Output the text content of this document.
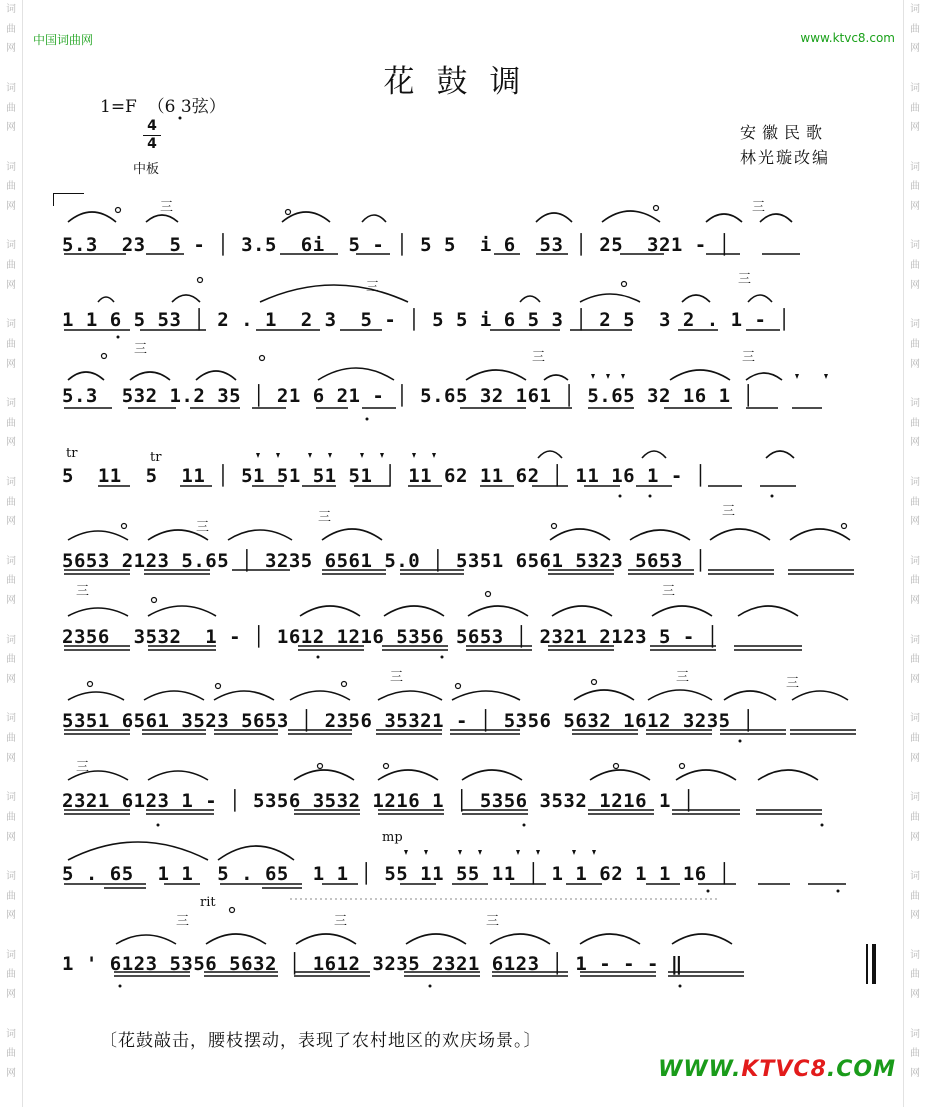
词
曲
网

词
曲
网

词
曲
网

词
曲
网

词
曲
网

词
曲
网

词
曲
网

词
曲
网

词
曲
网

词
曲
网

词
曲
网

词
曲
网

词
曲
网

词
曲
网
词
曲
网

词
曲
网

词
曲
网

词
曲
网

词
曲
网

词
曲
网

词
曲
网

词
曲
网

词
曲
网

词
曲
网

词
曲
网

词
曲
网

词
曲
网

词
曲
网
中国词曲网	www.ktvc8.com
花鼓调
1=F  （6 3弦）
4
4
中板
安徽民歌
林光璇改编
5.3  23  5 - │ 3.5  6i  5 - │ 5 5  i 6  53 │ 25  321 - │
1 1 6 5 53 │ 2 . 1  2 3  5 - │ 5 5 i 6 5 3 │ 2 5  3 2 . 1 - │
5.3  532 1.2 35 │ 21 6 21 - │ 5.65 32 161 │ 5.65 32 16 1 │
5  11  5  11 │ 51 51 51 51 │ 11 62 11 62 │ 11 16 1 - │
5653 2123 5.65 │ 3235 6561 5.0 │ 5351 6561 5323 5653 │
2356  3532  1 - │ 1612 1216 5356 5653 │ 2321 2123 5 - │
5351 6561 3523 5653 │ 2356 35321 - │ 5356 5632 1612 3235 │
2321 6123 1 - │ 5356 3532 1216 1 │ 5356 3532 1216 1 │
5 . 65  1 1  5 . 65  1 1 │ 55 11 55 11 │ 1 1 62 1 1 16 │
1 ' 6123 5356 5632 │ 1612 3235 2321 6123 │ 1 - - - ‖
tr	tr
mp
rit
三	三
三
三
三
三	三
三
三	三
三	三
三	三	三
三
三	三	三
〔花鼓敲击，腰枝摆动，表现了农村地区的欢庆场景。〕
WWW.KTVC8.COM
